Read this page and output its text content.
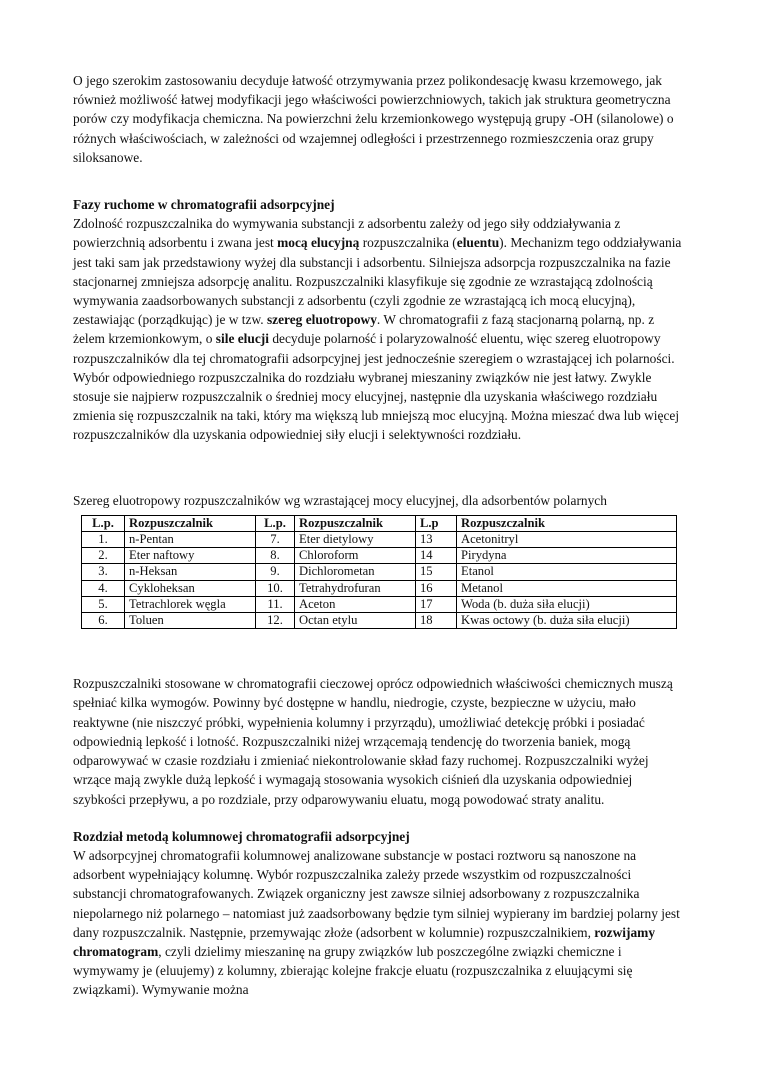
O jego szerokim zastosowaniu decyduje łatwość otrzymywania przez polikondesację kwasu krzemowego, jak również możliwość łatwej modyfikacji jego właściwości powierzchniowych, takich jak struktura geometryczna porów czy modyfikacja chemiczna. Na powierzchni żelu krzemionkowego występują grupy -OH (silanolowe) o różnych właściwościach, w zależności od wzajemnej odległości i przestrzennego rozmieszczenia oraz grupy siloksanowe.

Fazy ruchome w chromatografii adsorpcyjnej

Zdolność rozpuszczalnika do wymywania substancji z adsorbentu zależy od jego siły oddziaływania z powierzchnią adsorbentu i zwana jest mocą elucyjną rozpuszczalnika (eluentu). Mechanizm tego oddziaływania jest taki sam jak przedstawiony wyżej dla substancji i adsorbentu. Silniejsza adsorpcja rozpuszczalnika na fazie stacjonarnej zmniejsza adsorpcję analitu. Rozpuszczalniki klasyfikuje się zgodnie ze wzrastającą zdolnością wymywania zaadsorbowanych substancji z adsorbentu (czyli zgodnie ze wzrastającą ich mocą elucyjną), zestawiając (porządkując) je w tzw. szereg eluotropowy. W chromatografii z fazą stacjonarną polarną, np. z żelem krzemionkowym, o sile elucji decyduje polarność i polaryzowalność eluentu, więc szereg eluotropowy rozpuszczalników dla tej chromatografii adsorpcyjnej jest jednocześnie szeregiem o wzrastającej ich polarności. Wybór odpowiedniego rozpuszczalnika do rozdziału wybranej mieszaniny związków nie jest łatwy. Zwykle stosuje sie najpierw rozpuszczalnik o średniej mocy elucyjnej, następnie dla uzyskania właściwego rozdziału zmienia się rozpuszczalnik na taki, który ma większą lub mniejszą moc elucyjną. Można mieszać dwa lub więcej rozpuszczalników dla uzyskania odpowiedniej siły elucji i selektywności rozdziału.

Szereg eluotropowy rozpuszczalników wg wzrastającej mocy elucyjnej, dla adsorbentów polarnych

L.p.	Rozpuszczalnik	L.p.	Rozpuszczalnik	L.p	Rozpuszczalnik
1.	n-Pentan	7.	Eter dietylowy	13	Acetonitryl
2.	Eter naftowy	8.	Chloroform	14	Pirydyna
3.	n-Heksan	9.	Dichlorometan	15	Etanol
4.	Cykloheksan	10.	Tetrahydrofuran	16	Metanol
5.	Tetrachlorek węgla	11.	Aceton	17	Woda (b. duża siła elucji)
6.	Toluen	12.	Octan etylu	18	Kwas octowy (b. duża siła elucji)

Rozpuszczalniki stosowane w chromatografii cieczowej oprócz odpowiednich właściwości chemicznych muszą spełniać kilka wymogów. Powinny być dostępne w handlu, niedrogie, czyste, bezpieczne w użyciu, mało reaktywne (nie niszczyć próbki, wypełnienia kolumny i przyrządu), umożliwiać detekcję próbki i posiadać odpowiednią lepkość i lotność. Rozpuszczalniki niżej wrzącemają tendencję do tworzenia baniek, mogą odparowywać w czasie rozdziału i zmieniać niekontrolowanie skład fazy ruchomej. Rozpuszczalniki wyżej wrzące mają zwykle dużą lepkość i wymagają stosowania wysokich ciśnień dla uzyskania odpowiedniej szybkości przepływu, a po rozdziale, przy odparowywaniu eluatu, mogą powodować straty analitu.

Rozdział metodą kolumnowej chromatografii adsorpcyjnej

W adsorpcyjnej chromatografii kolumnowej analizowane substancje w postaci roztworu są nanoszone na adsorbent wypełniający kolumnę. Wybór rozpuszczalnika zależy przede wszystkim od rozpuszczalności substancji chromatografowanych. Związek organiczny jest zawsze silniej adsorbowany z rozpuszczalnika niepolarnego niż polarnego – natomiast już zaadsorbowany będzie tym silniej wypierany im bardziej polarny jest dany rozpuszczalnik. Następnie, przemywając złoże (adsorbent w kolumnie) rozpuszczalnikiem, rozwijamy chromatogram, czyli dzielimy mieszaninę na grupy związków lub poszczególne związki chemiczne i wymywamy je (eluujemy) z kolumny, zbierając kolejne frakcje eluatu (rozpuszczalnika z eluującymi się związkami). Wymywanie można
